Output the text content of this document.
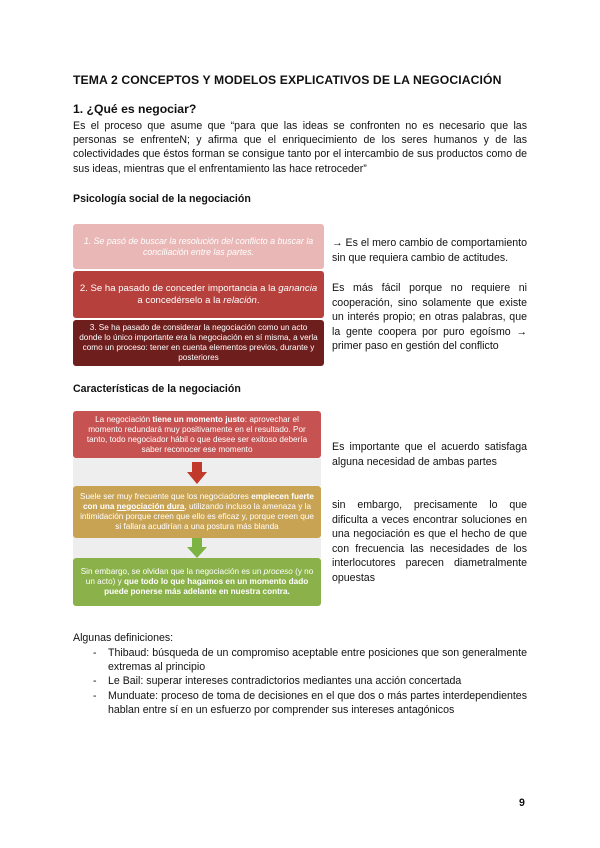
TEMA 2 CONCEPTOS Y MODELOS EXPLICATIVOS DE LA NEGOCIACIÓN
1. ¿Qué es negociar?
Es el proceso que asume que “para que las ideas se confronten no es necesario que las personas se enfrenteN; y afirma que el enriquecimiento de los seres humanos y de las colectividades que éstos forman se consigue tanto por el intercambio de sus productos como de sus ideas, mientras que el enfrentamiento las hace retroceder”
Psicología social de la negociación
1. Se pasó de buscar la resolución del conflicto a buscar la conciliación entre las partes.
2. Se ha pasado de conceder importancia a la ganancia a concedérselo a la relación.
3. Se ha pasado de considerar la negociación como un acto donde lo único importante era la negociación en sí misma, a verla como un proceso: tener en cuenta elementos previos, durante y posteriores
→ Es el mero cambio de comportamiento sin que requiera cambio de actitudes.
Es más fácil porque no requiere ni cooperación, sino solamente que existe un interés propio; en otras palabras, que la gente coopera por puro egoísmo → primer paso en gestión del conflicto
Características de la negociación
La negociación tiene un momento justo: aprovechar el momento redundará muy positivamente en el resultado. Por tanto, todo negociador hábil o que desee ser exitoso debería saber reconocer ese momento
Suele ser muy frecuente que los negociadores empiecen fuerte con una negociación dura, utilizando incluso la amenaza y la intimidación porque creen que ello es eficaz y, porque creen que si fallara acudirían a una postura más blanda
Sin embargo, se olvidan que la negociación es un proceso (y no un acto) y que todo lo que hagamos en un momento dado puede ponerse más adelante en nuestra contra.
Es importante que el acuerdo satisfaga alguna necesidad de ambas partes
sin embargo, precisamente lo que dificulta a veces encontrar soluciones en una negociación es que el hecho de que con frecuencia las necesidades de los interlocutores parecen diametralmente opuestas
Algunas definiciones:
- Thibaud: búsqueda de un compromiso aceptable entre posiciones que son generalmente extremas al principio
- Le Bail: superar intereses contradictorios mediantes una acción concertada
- Munduate: proceso de toma de decisiones en el que dos o más partes interdependientes hablan entre sí en un esfuerzo por comprender sus intereses antagónicos
9
